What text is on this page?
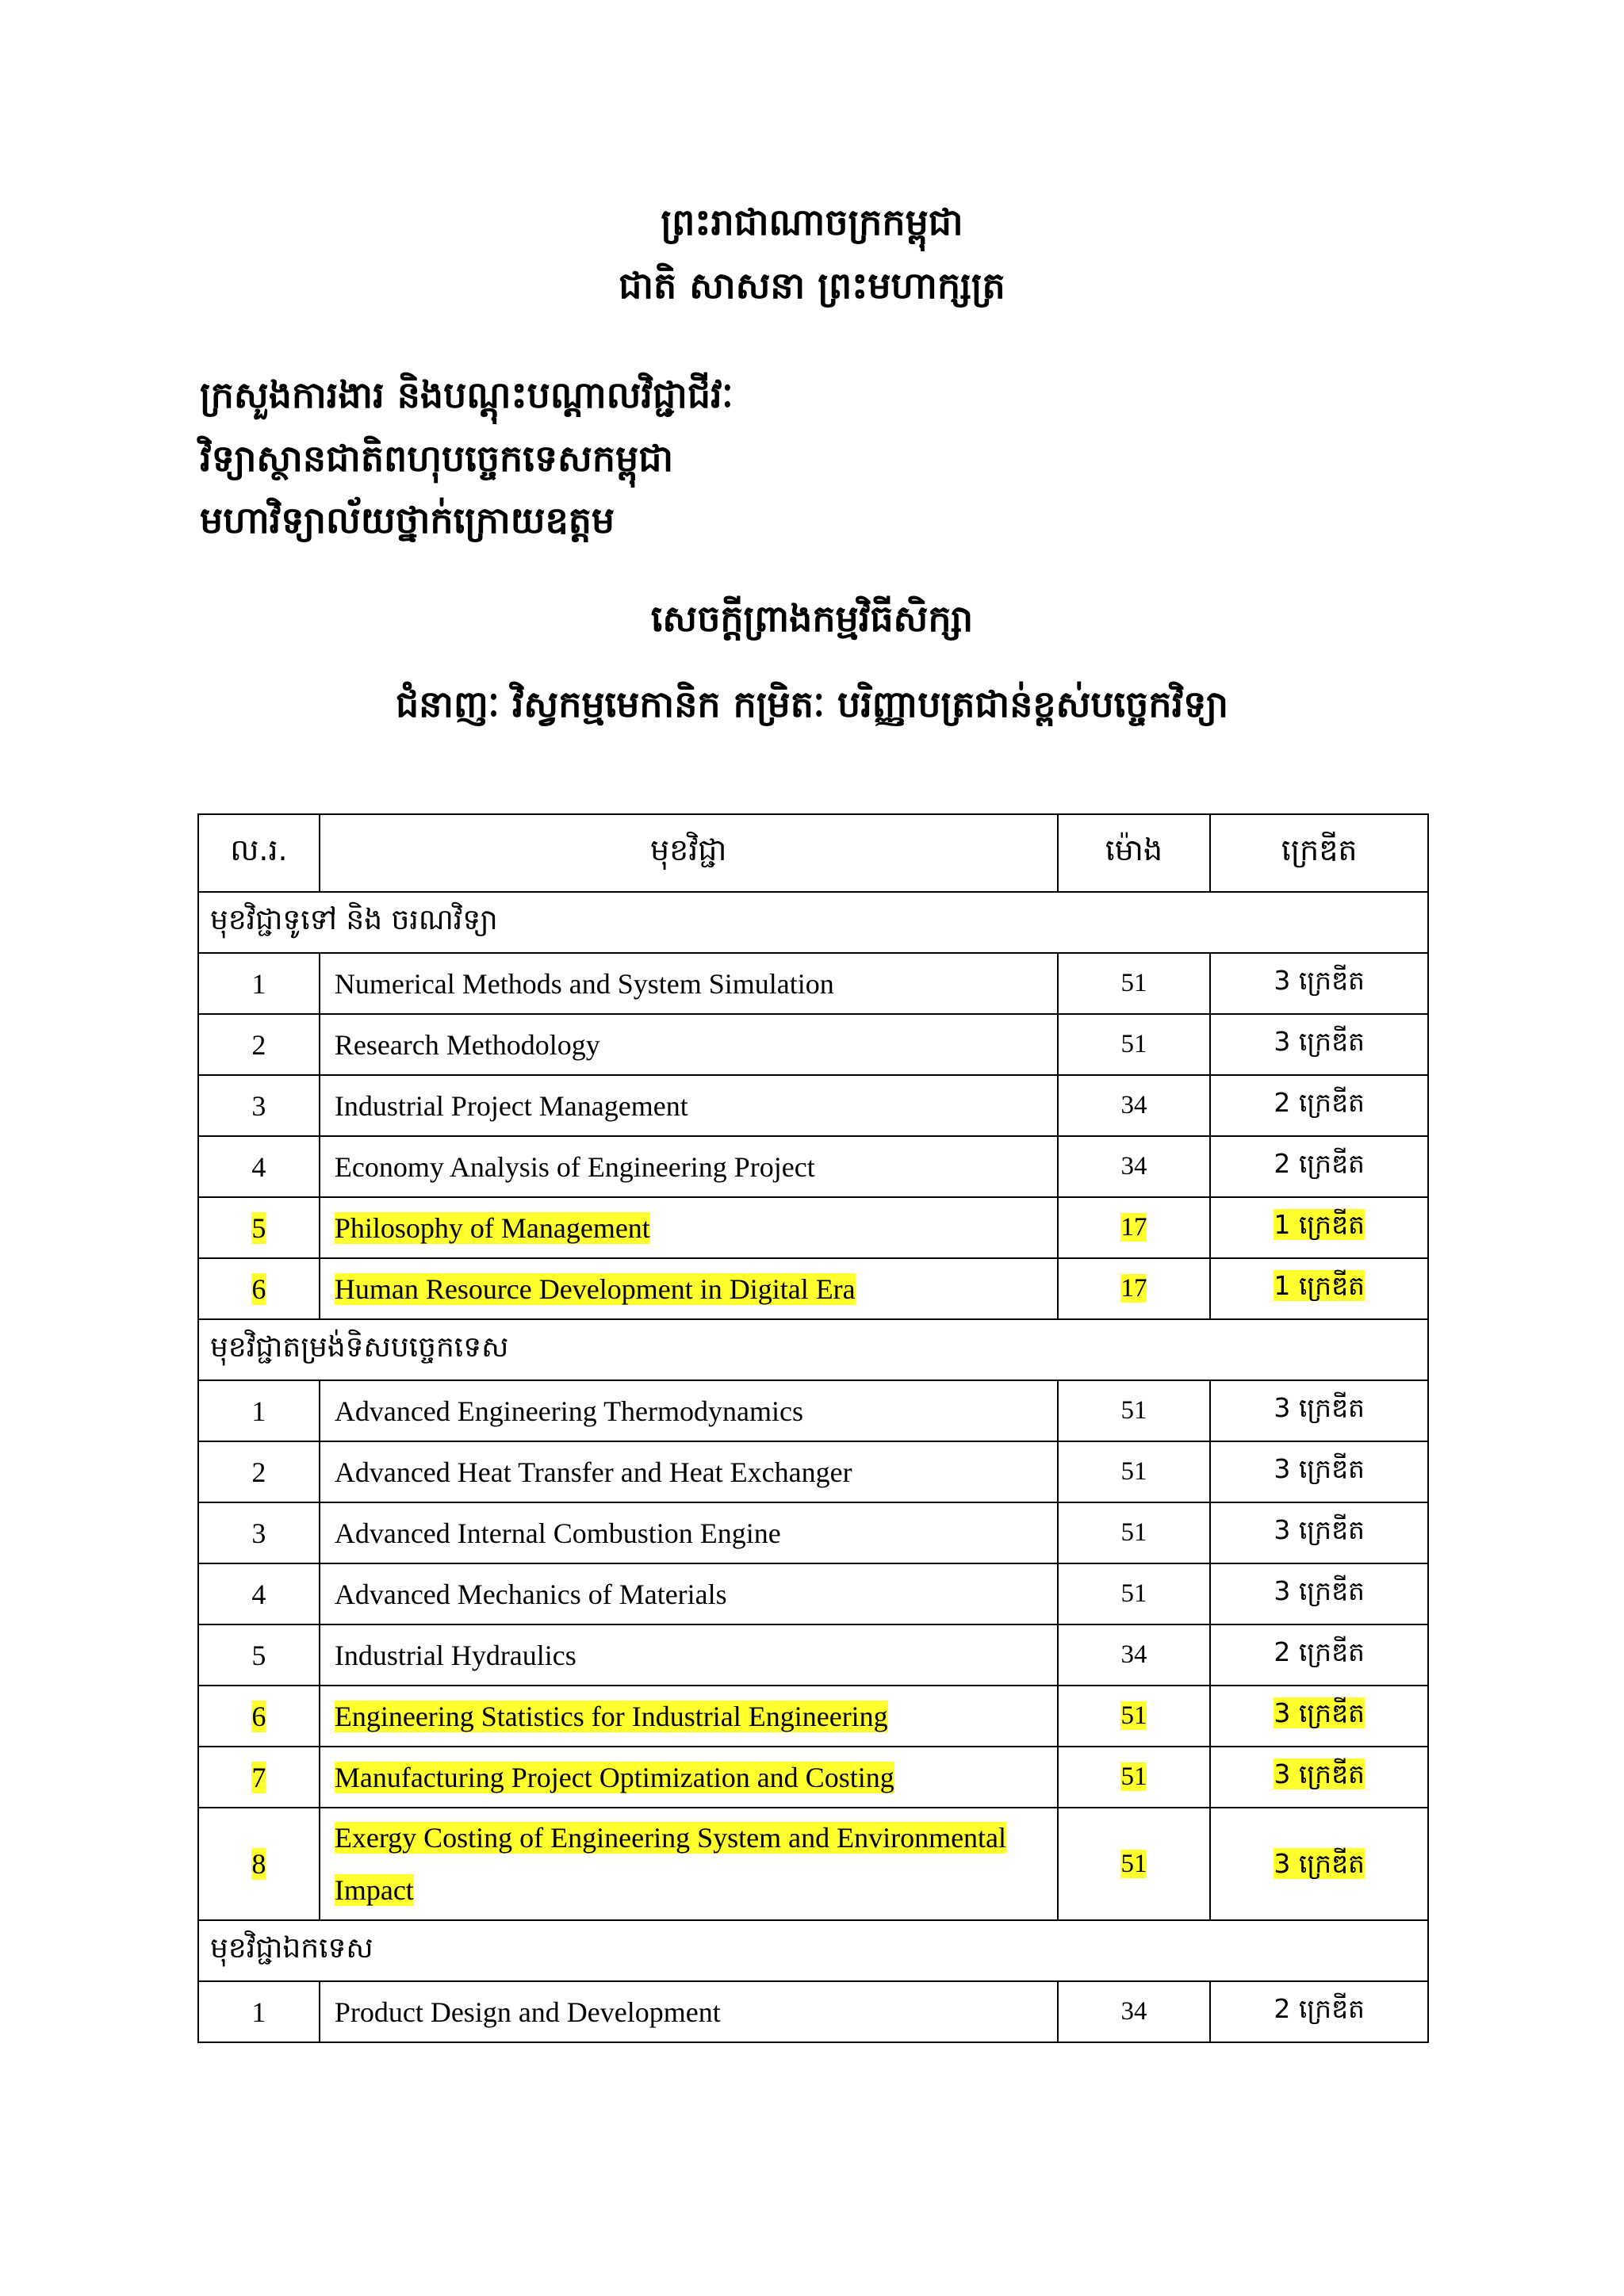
ព្រះរាជាណាចក្រកម្ពុជា
ជាតិ សាសនា ព្រះមហាក្សត្រ
ក្រសួងការងារ និងបណ្ដុះបណ្ដាលវិជ្ជាជីវៈ
វិទ្យាស្ថានជាតិពហុបច្ចេកទេសកម្ពុជា
មហាវិទ្យាល័យថ្នាក់ក្រោយឧត្ដម
សេចក្ដីព្រាងកម្មវិធីសិក្សា
ជំនាញៈ វិស្វកម្មមេកានិក កម្រិតៈ បរិញ្ញាបត្រជាន់ខ្ពស់បច្ចេកវិទ្យា
ល.រ.	មុខវិជ្ជា	ម៉ោង	ក្រេឌីត
មុខវិជ្ជាទូទៅ និង ចរណវិទ្យា			
1	Numerical Methods and System Simulation	51	3 ក្រេឌីត
2	Research Methodology	51	3 ក្រេឌីត
3	Industrial Project Management	34	2 ក្រេឌីត
4	Economy Analysis of Engineering Project	34	2 ក្រេឌីត
5	Philosophy of Management	17	1 ក្រេឌីត
6	Human Resource Development in Digital Era	17	1 ក្រេឌីត
មុខវិជ្ជាតម្រង់ទិសបច្ចេកទេស			
1	Advanced Engineering Thermodynamics	51	3 ក្រេឌីត
2	Advanced Heat Transfer and Heat Exchanger	51	3 ក្រេឌីត
3	Advanced Internal Combustion Engine	51	3 ក្រេឌីត
4	Advanced Mechanics of Materials	51	3 ក្រេឌីត
5	Industrial Hydraulics	34	2 ក្រេឌីត
6	Engineering Statistics for Industrial Engineering	51	3 ក្រេឌីត
7	Manufacturing Project Optimization and Costing	51	3 ក្រេឌីត
8	Exergy Costing of Engineering System and Environmental Impact	51	3 ក្រេឌីត
មុខវិជ្ជាឯកទេស			
1	Product Design and Development	34	2 ក្រេឌីត
